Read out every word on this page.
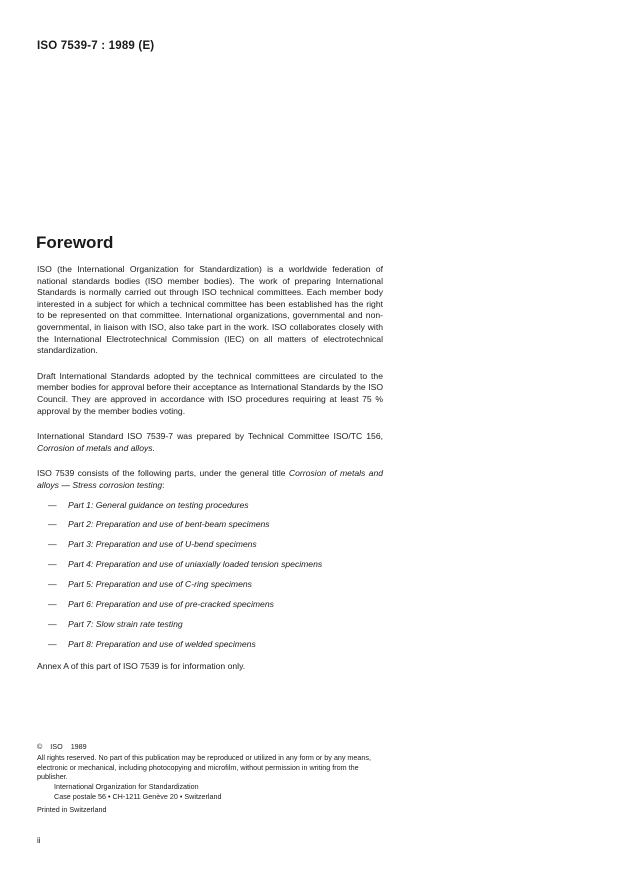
ISO 7539-7 : 1989 (E)
Foreword

ISO (the International Organization for Standardization) is a worldwide federation of national standards bodies (ISO member bodies). The work of preparing International Standards is normally carried out through ISO technical committees. Each member body interested in a subject for which a technical committee has been established has the right to be represented on that committee. International organizations, governmental and non-governmental, in liaison with ISO, also take part in the work. ISO collaborates closely with the International Electrotechnical Commission (IEC) on all matters of electrotechnical standardization.

Draft International Standards adopted by the technical committees are circulated to the member bodies for approval before their acceptance as International Standards by the ISO Council. They are approved in accordance with ISO procedures requiring at least 75 % approval by the member bodies voting.

International Standard ISO 7539-7 was prepared by Technical Committee ISO/TC 156, Corrosion of metals and alloys.

ISO 7539 consists of the following parts, under the general title Corrosion of metals and alloys — Stress corrosion testing:

—	Part 1: General guidance on testing procedures
—	Part 2: Preparation and use of bent-beam specimens
—	Part 3: Preparation and use of U-bend specimens
—	Part 4: Preparation and use of uniaxially loaded tension specimens
—	Part 5: Preparation and use of C-ring specimens
—	Part 6: Preparation and use of pre-cracked specimens
—	Part 7: Slow strain rate testing
—	Part 8: Preparation and use of welded specimens

Annex A of this part of ISO 7539 is for information only.

© ISO 1989

All rights reserved. No part of this publication may be reproduced or utilized in any form or by any means, electronic or mechanical, including photocopying and microfilm, without permission in writing from the publisher.

International Organization for Standardization

Case postale 56 • CH-1211 Genève 20 • Switzerland

Printed in Switzerland

ii
